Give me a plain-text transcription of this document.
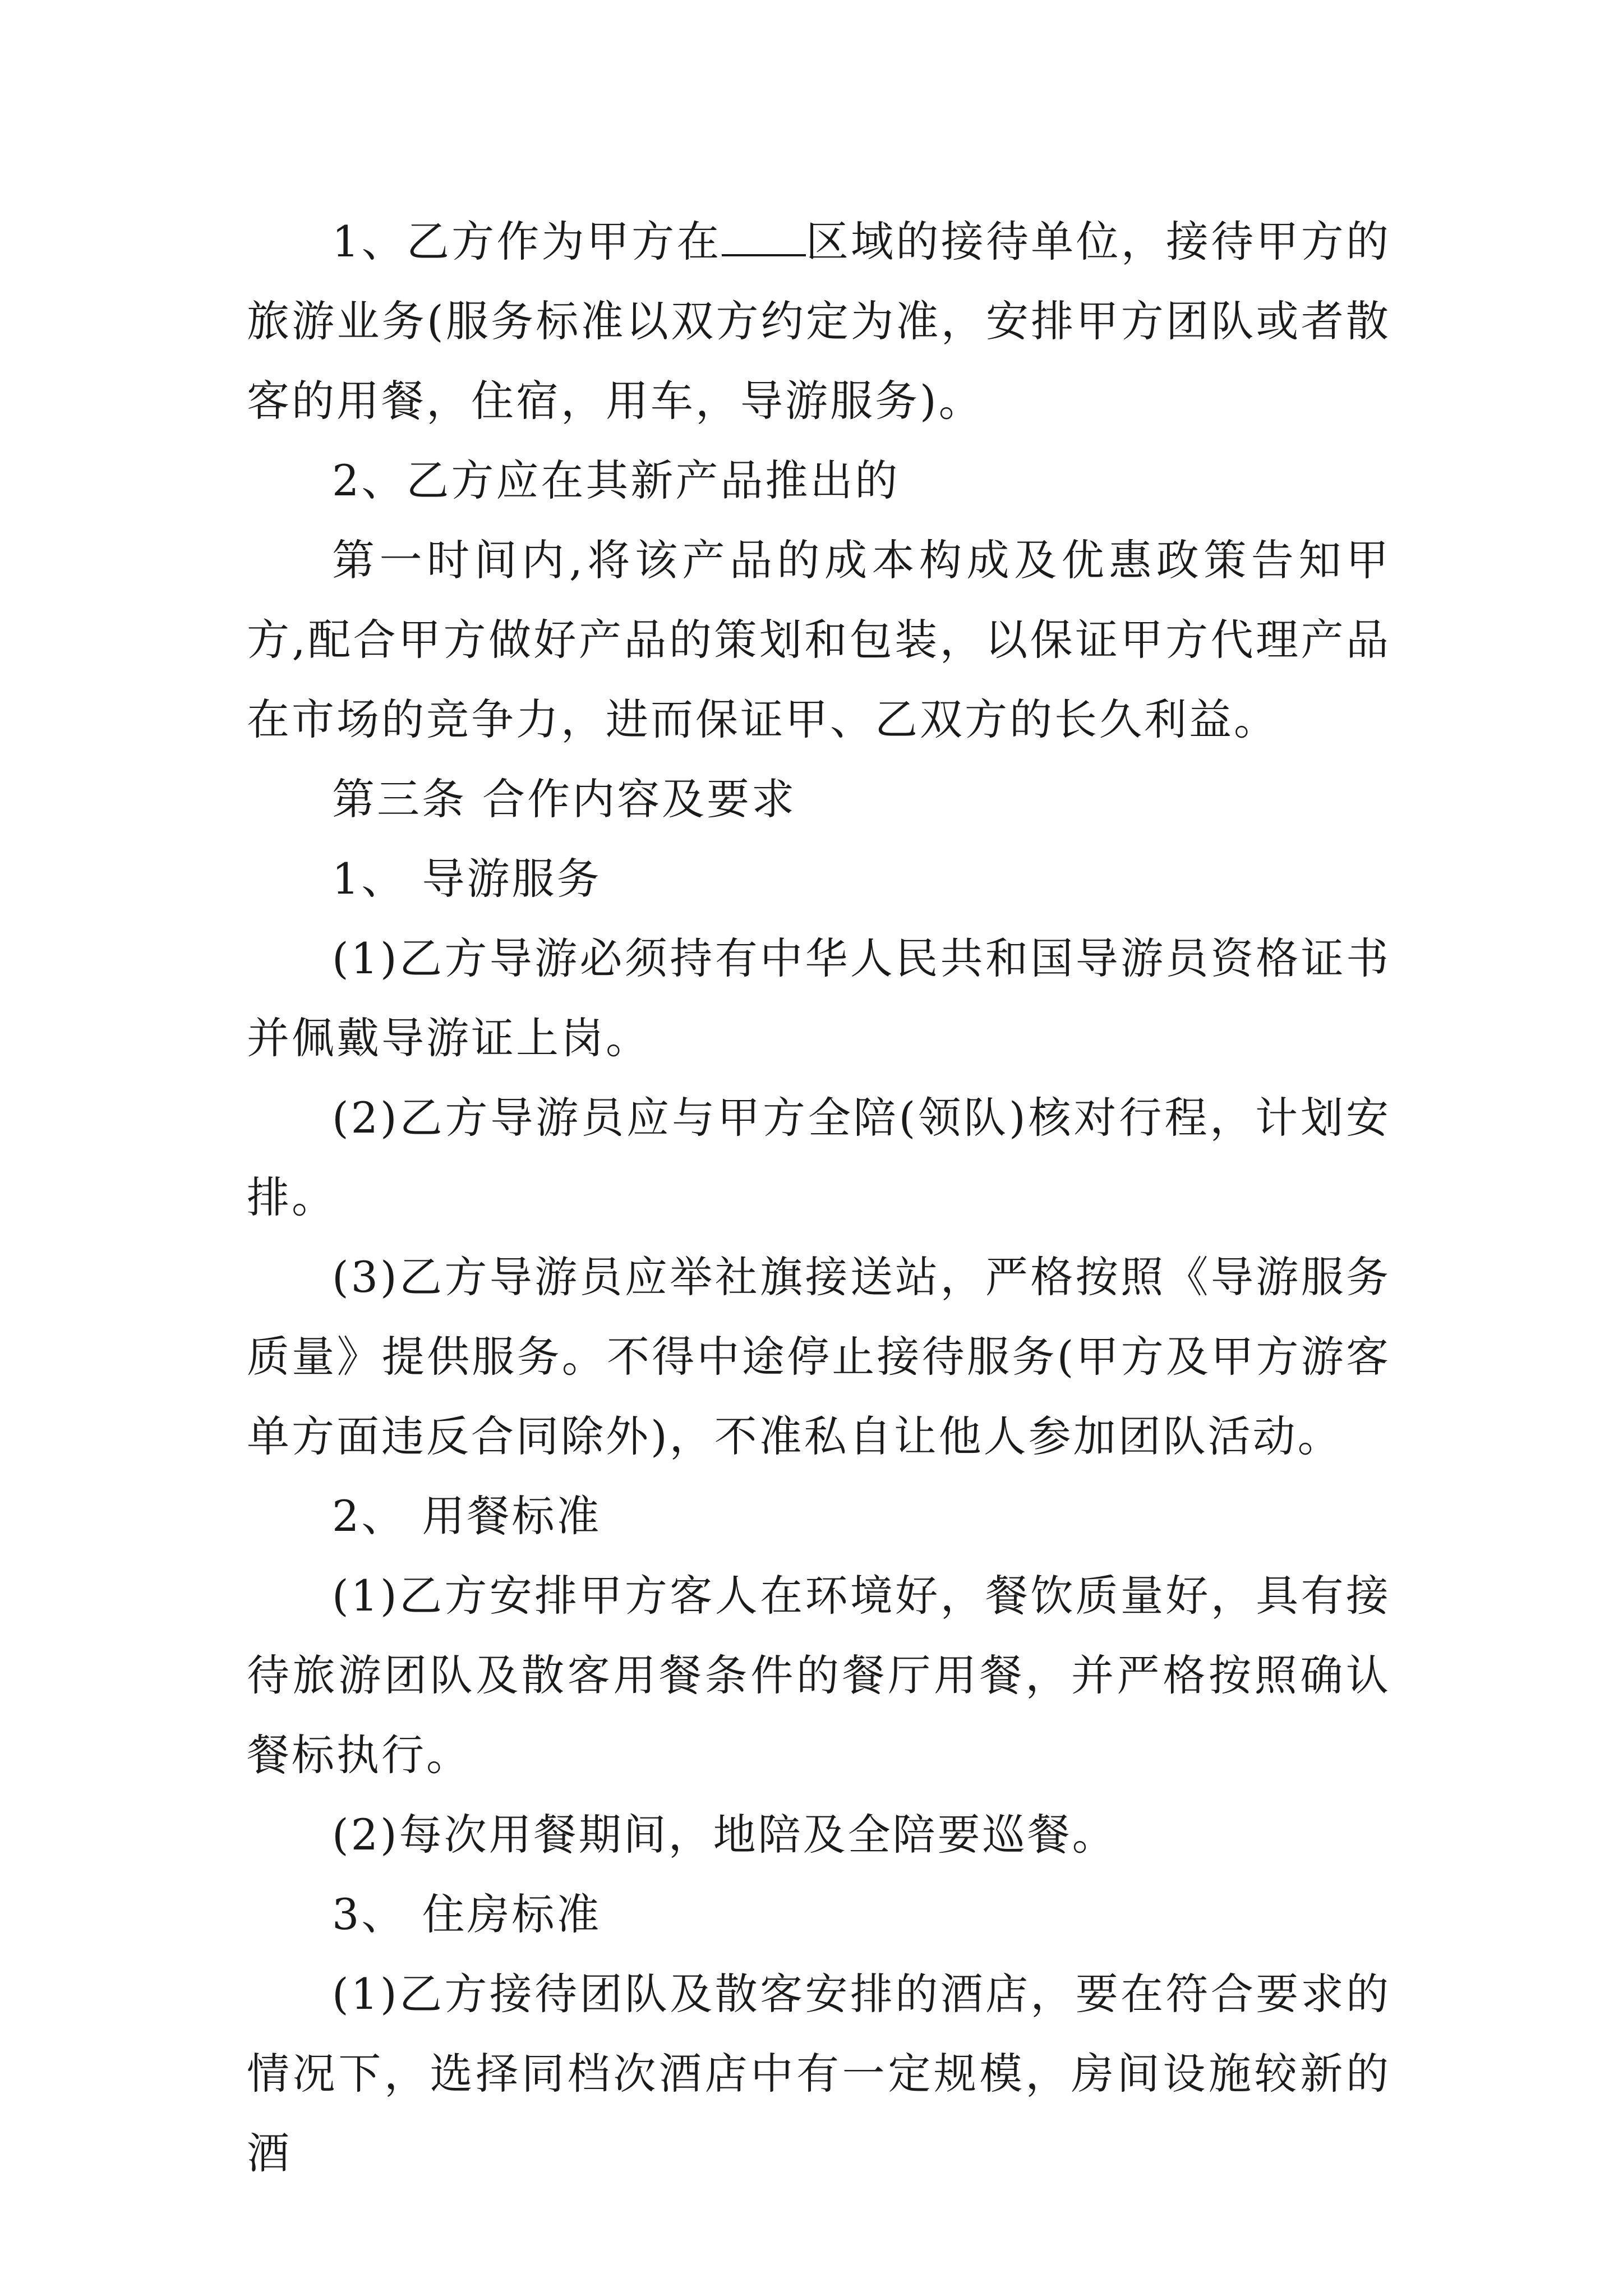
1、乙方作为甲方在 区域的接待单位，接待甲方的旅游业务(服务标准以双方约定为准，安排甲方团队或者散客的用餐，住宿，用车，导游服务)。

2、乙方应在其新产品推出的

第一时间内,将该产品的成本构成及优惠政策告知甲方,配合甲方做好产品的策划和包装，以保证甲方代理产品在市场的竞争力，进而保证甲、乙双方的长久利益。

第三条 合作内容及要求

1、 导游服务

(1)乙方导游必须持有中华人民共和国导游员资格证书并佩戴导游证上岗。

(2)乙方导游员应与甲方全陪(领队)核对行程，计划安排。

(3)乙方导游员应举社旗接送站，严格按照《导游服务质量》提供服务。不得中途停止接待服务(甲方及甲方游客单方面违反合同除外)，不准私自让他人参加团队活动。

2、 用餐标准

(1)乙方安排甲方客人在环境好，餐饮质量好，具有接待旅游团队及散客用餐条件的餐厅用餐，并严格按照确认餐标执行。

(2)每次用餐期间，地陪及全陪要巡餐。

3、 住房标准

(1)乙方接待团队及散客安排的酒店，要在符合要求的情况下，选择同档次酒店中有一定规模，房间设施较新的酒
